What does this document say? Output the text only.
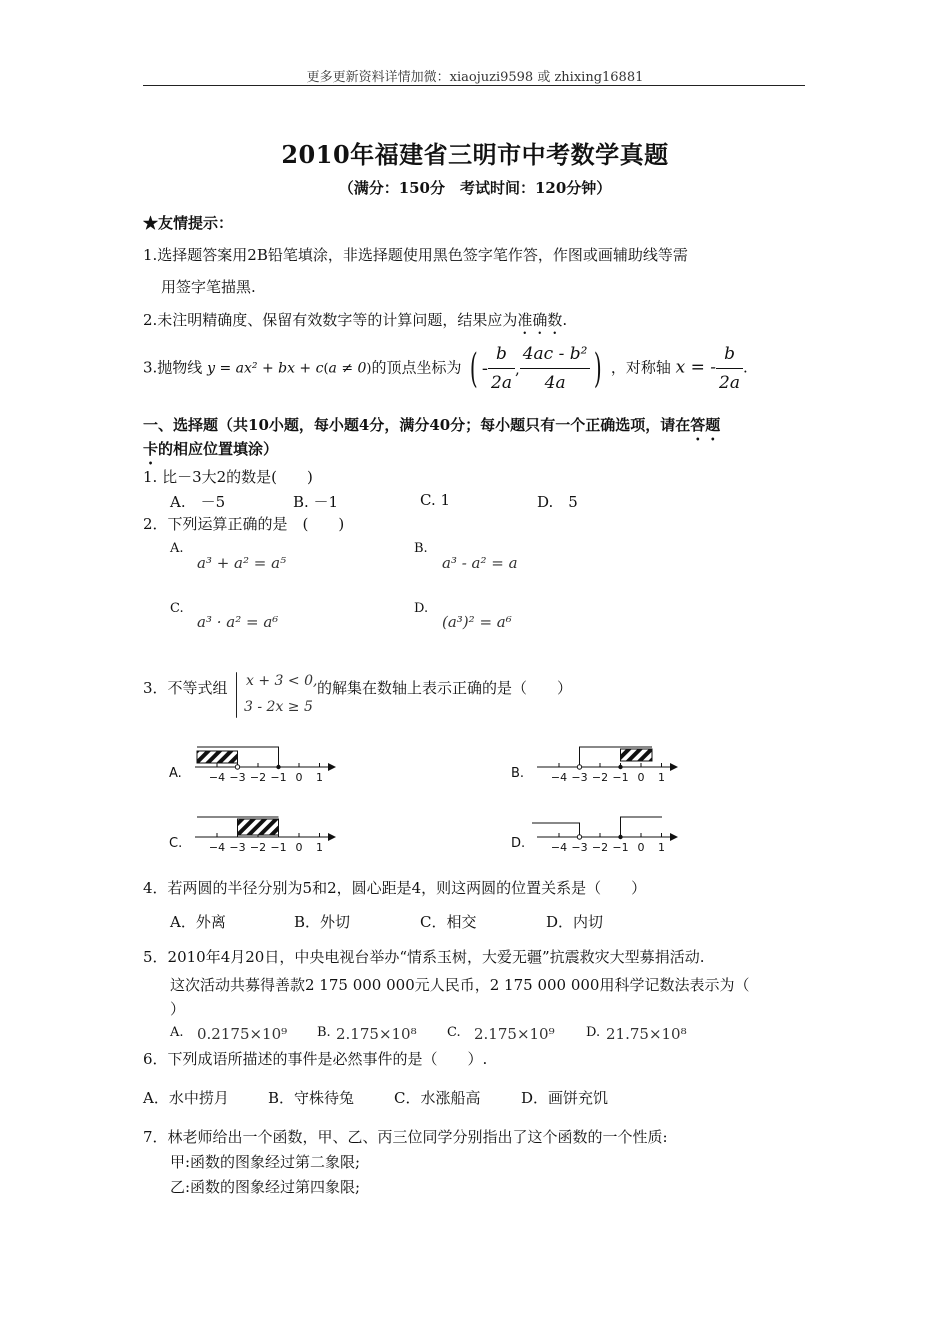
更多更新资料详情加微：xiaojuzi9598 或 zhixing16881
2010年福建省三明市中考数学真题
（满分：150分　考试时间：120分钟）
★友情提示：
1.选择题答案用2B铅笔填涂，非选择题使用黑色签字笔作答，作图或画辅助线等需
用签字笔描黑.
2.未注明精确度、保留有效数字等的计算问题，结果应为准确数.
3.抛物线 y = ax² + bx + c(a ≠ 0)的顶点坐标为 ( - $\frac{b}{2a}$ , $\frac{\text{4ac - b²}}{4a}$ ) ，对称轴 x = - $\frac{b}{2a}$ .
一、选择题（共10小题，每小题4分，满分40分；每小题只有一个正确选项，请在答题
卡的相应位置填涂）
1. 比－3大2的数是(　　)
A.　－5	B. －1	C. 1	D.　5
2．下列运算正确的是　(　　)
A.
a³ + a² = a⁵
B.
a³ - a² = a
C.
a³ · a² = a⁶
D.
(a³)² = a⁶
3．不等式组 x + 3 < 0,
3 - 2x ≥ 5
的解集在数轴上表示正确的是（　　）
A. −4 −3 −2 −1 0 1	B. −4 −3 −2 −1 0 1
C. −4 −3 −2 −1 0 1	D. −4 −3 −2 −1 0 1
4．若两圆的半径分别为5和2，圆心距是4，则这两圆的位置关系是（　　）
A．外离	B．外切	C．相交	D．内切
5．2010年4月20日，中央电视台举办“情系玉树，大爱无疆”抗震救灾大型募捐活动.
这次活动共募得善款2 175 000 000元人民币，2 175 000 000用科学记数法表示为（
）
A. 0.2175×10⁹ B. 2.175×10⁸ C. 2.175×10⁹ D. 21.75×10⁸
6．下列成语所描述的事件是必然事件的是（　　）.
A．水中捞月	B．守株待兔	C．水涨船高	D．画饼充饥
7．林老师给出一个函数，甲、乙、丙三位同学分别指出了这个函数的一个性质:
甲:函数的图象经过第二象限;
乙:函数的图象经过第四象限;
